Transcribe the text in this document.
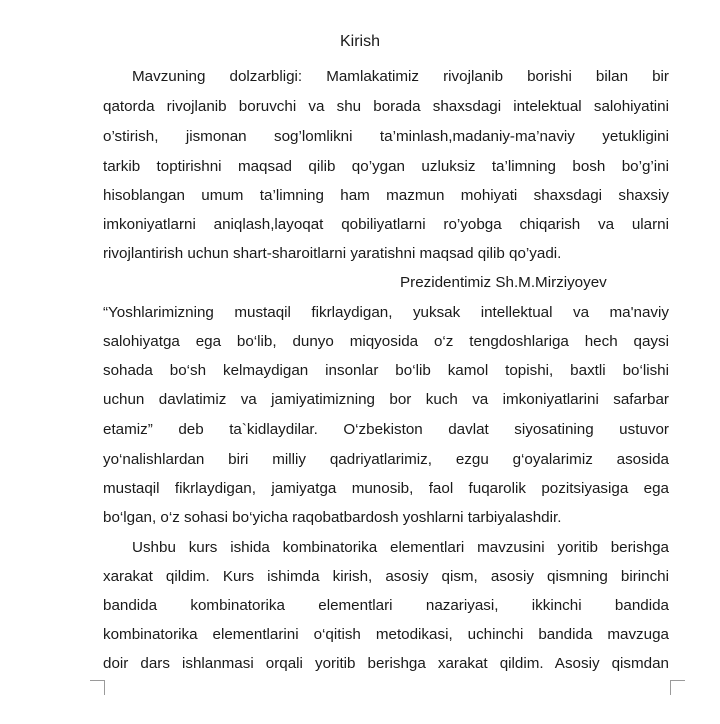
Kirish
Mavzuning dolzarbligi: Mamlakatimiz rivojlanib borishi bilan bir
qatorda rivojlanib boruvchi va shu borada shaxsdagi intelektual salohiyatini
o’stirish, jismonan sog’lomlikni ta’minlash,madaniy-ma’naviy yetukligini
tarkib toptirishni maqsad qilib qo’ygan uzluksiz ta’limning bosh bo’g’ini
hisoblangan umum ta’limning ham mazmun mohiyati shaxsdagi shaxsiy
imkoniyatlarni aniqlash,layoqat qobiliyatlarni ro’yobga chiqarish va ularni
rivojlantirish uchun shart-sharoitlarni yaratishni maqsad qilib qo’yadi.
Prezidentimiz Sh.M.Mirziyoyev
“Yoshlarimizning mustaqil fikrlaydigan, yuksak intellektual va ma'naviy
salohiyatga ega bo‘lib, dunyo miqyosida o‘z tengdoshlariga hech qaysi
sohada bo‘sh kelmaydigan insonlar bo‘lib kamol topishi, baxtli bo‘lishi
uchun davlatimiz va jamiyatimizning bor kuch va imkoniyatlarini safarbar
etamiz” deb ta`kidlaydilar. O‘zbekiston davlat siyosatining ustuvor
yo‘nalishlardan biri milliy qadriyatlarimiz, ezgu g‘oyalarimiz asosida
mustaqil fikrlaydigan, jamiyatga munosib, faol fuqarolik pozitsiyasiga ega
bo‘lgan, o‘z sohasi bo‘yicha raqobatbardosh yoshlarni tarbiyalashdir.
Ushbu kurs ishida kombinatorika elementlari mavzusini yoritib berishga
xarakat qildim. Kurs ishimda kirish, asosiy qism, asosiy qismning birinchi
bandida kombinatorika elementlari nazariyasi, ikkinchi bandida
kombinatorika elementlarini o‘qitish metodikasi, uchinchi bandida mavzuga
doir dars ishlanmasi orqali yoritib berishga xarakat qildim. Asosiy qismdan
